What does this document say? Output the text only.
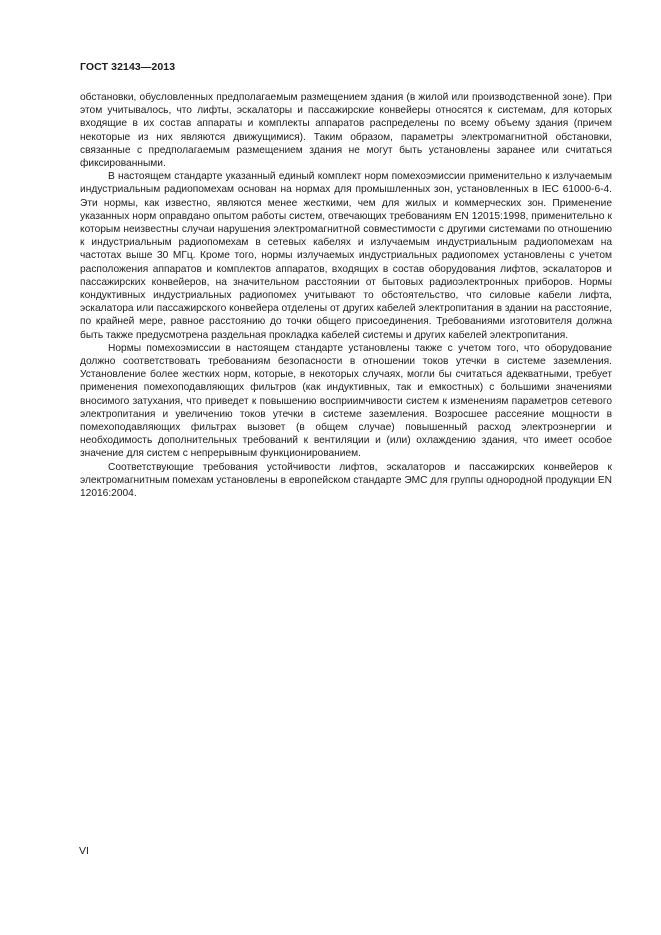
ГОСТ 32143—2013

обстановки, обусловленных предполагаемым размещением здания (в жилой или производственной зоне). При этом учитывалось, что лифты, эскалаторы и пассажирские конвейеры относятся к системам, для которых входящие в их состав аппараты и комплекты аппаратов распределены по всему объему здания (причем некоторые из них являются движущимися). Таким образом, параметры электромагнитной обстановки, связанные с предполагаемым размещением здания не могут быть установлены заранее или считаться фиксированными.

В настоящем стандарте указанный единый комплект норм помехоэмиссии применительно к излучаемым индустриальным радиопомехам основан на нормах для промышленных зон, установленных в IEC 61000-6-4. Эти нормы, как известно, являются менее жесткими, чем для жилых и коммерческих зон. Применение указанных норм оправдано опытом работы систем, отвечающих требованиям EN 12015:1998, применительно к которым неизвестны случаи нарушения электромагнитной совместимости с другими системами по отношению к индустриальным радиопомехам в сетевых кабелях и излучаемым индустриальным радиопомехам на частотах выше 30 МГц. Кроме того, нормы излучаемых индустриальных радиопомех установлены с учетом расположения аппаратов и комплектов аппаратов, входящих в состав оборудования лифтов, эскалаторов и пассажирских конвейеров, на значительном расстоянии от бытовых радиоэлектронных приборов. Нормы кондуктивных индустриальных радиопомех учитывают то обстоятельство, что силовые кабели лифта, эскалатора или пассажирского конвейера отделены от других кабелей электропитания в здании на расстояние, по крайней мере, равное расстоянию до точки общего присоединения. Требованиями изготовителя должна быть также предусмотрена раздельная прокладка кабелей системы и других кабелей электропитания.

Нормы помехоэмиссии в настоящем стандарте установлены также с учетом того, что оборудование должно соответствовать требованиям безопасности в отношении токов утечки в системе заземления. Установление более жестких норм, которые, в некоторых случаях, могли бы считаться адекватными, требует применения помехоподавляющих фильтров (как индуктивных, так и емкостных) с большими значениями вносимого затухания, что приведет к повышению восприимчивости систем к изменениям параметров сетевого электропитания и увеличению токов утечки в системе заземления. Возросшее рассеяние мощности в помехоподавляющих фильтрах вызовет (в общем случае) повышенный расход электроэнергии и необходимость дополнительных требований к вентиляции и (или) охлаждению здания, что имеет особое значение для систем с непрерывным функционированием.

Соответствующие требования устойчивости лифтов, эскалаторов и пассажирских конвейеров к электромагнитным помехам установлены в европейском стандарте ЭМС для группы однородной продукции EN 12016:2004.

VI
